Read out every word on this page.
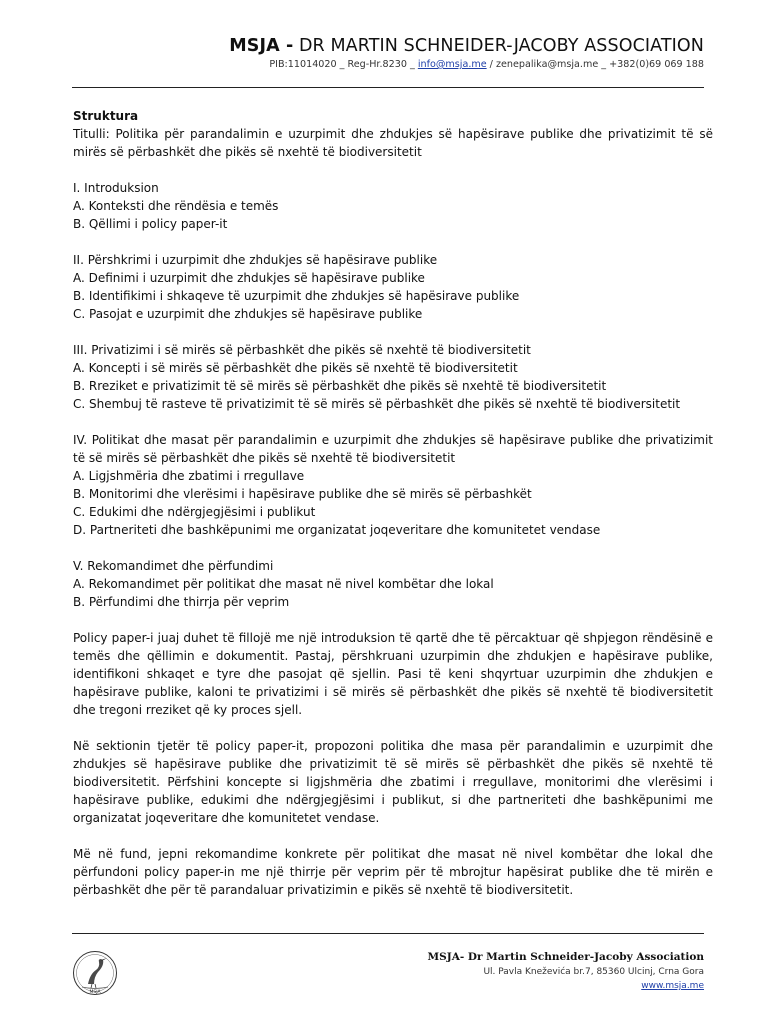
MSJA - DR MARTIN SCHNEIDER-JACOBY ASSOCIATION
PIB:11014020 _ Reg-Hr.8230 _ info@msja.me / zenepalika@msja.me _ +382(0)69 069 188
Struktura
Titulli: Politika për parandalimin e uzurpimit dhe zhdukjes së hapësirave publike dhe privatizimit të së mirës së përbashkët dhe pikës së nxehtë të biodiversitetit
I. Introduksion
A. Konteksti dhe rëndësia e temës
B. Qëllimi i policy paper-it
II. Përshkrimi i uzurpimit dhe zhdukjes së hapësirave publike
A. Definimi i uzurpimit dhe zhdukjes së hapësirave publike
B. Identifikimi i shkaqeve të uzurpimit dhe zhdukjes së hapësirave publike
C. Pasojat e uzurpimit dhe zhdukjes së hapësirave publike
III. Privatizimi i së mirës së përbashkët dhe pikës së nxehtë të biodiversitetit
A. Koncepti i së mirës së përbashkët dhe pikës së nxehtë të biodiversitetit
B. Rreziket e privatizimit të së mirës së përbashkët dhe pikës së nxehtë të biodiversitetit
C. Shembuj të rasteve të privatizimit të së mirës së përbashkët dhe pikës së nxehtë të biodiversitetit
IV. Politikat dhe masat për parandalimin e uzurpimit dhe zhdukjes së hapësirave publike dhe privatizimit të së mirës së përbashkët dhe pikës së nxehtë të biodiversitetit
A. Ligjshmëria dhe zbatimi i rregullave
B. Monitorimi dhe vlerësimi i hapësirave publike dhe së mirës së përbashkët
C. Edukimi dhe ndërgjegjësimi i publikut
D. Partneriteti dhe bashkëpunimi me organizatat joqeveritare dhe komunitetet vendase
V. Rekomandimet dhe përfundimi
A. Rekomandimet për politikat dhe masat në nivel kombëtar dhe lokal
B. Përfundimi dhe thirrja për veprim
Policy paper-i juaj duhet të fillojë me një introduksion të qartë dhe të përcaktuar që shpjegon rëndësinë e temës dhe qëllimin e dokumentit. Pastaj, përshkruani uzurpimin dhe zhdukjen e hapësirave publike, identifikoni shkaqet e tyre dhe pasojat që sjellin. Pasi të keni shqyrtuar uzurpimin dhe zhdukjen e hapësirave publike, kaloni te privatizimi i së mirës së përbashkët dhe pikës së nxehtë të biodiversitetit dhe tregoni rreziket që ky proces sjell.
Në sektionin tjetër të policy paper-it, propozoni politika dhe masa për parandalimin e uzurpimit dhe zhdukjes së hapësirave publike dhe privatizimit të së mirës së përbashkët dhe pikës së nxehtë të biodiversitetit. Përfshini koncepte si ligjshmëria dhe zbatimi i rregullave, monitorimi dhe vlerësimi i hapësirave publike, edukimi dhe ndërgjegjësimi i publikut, si dhe partneriteti dhe bashkëpunimi me organizatat joqeveritare dhe komunitetet vendase.
Më në fund, jepni rekomandime konkrete për politikat dhe masat në nivel kombëtar dhe lokal dhe përfundoni policy paper-in me një thirrje për veprim për të mbrojtur hapësirat publike dhe të mirën e përbashkët dhe për të parandaluar privatizimin e pikës së nxehtë të biodiversitetit.
MSJA
MSJA- Dr Martin Schneider-Jacoby Association
Ul. Pavla Kneževića br.7, 85360 Ulcinj, Crna Gora
www.msja.me
